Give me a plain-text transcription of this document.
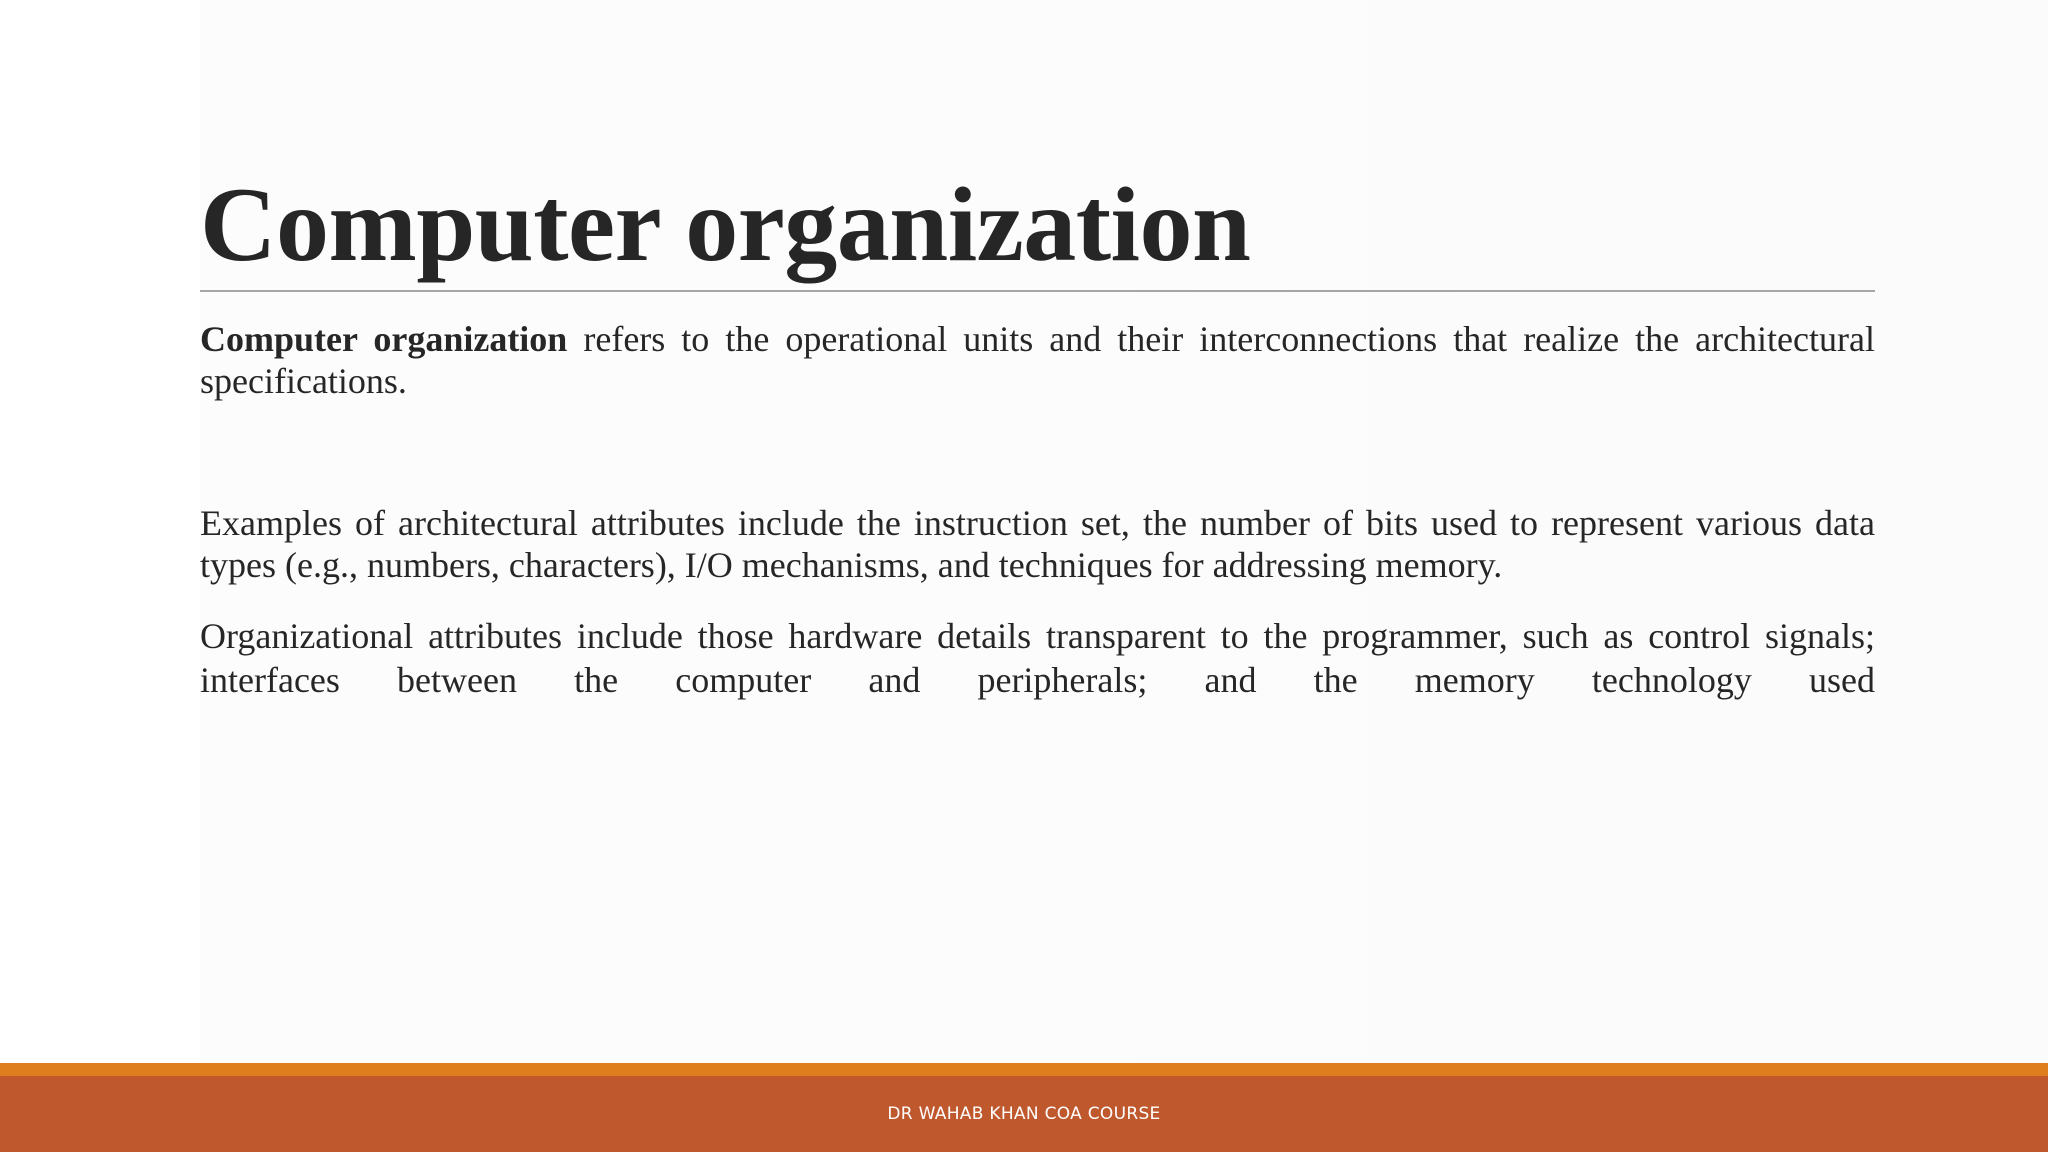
Computer organization

Computer organization refers to the operational units and their interconnections that realize the architectural specifications.

Examples of architectural attributes include the instruction set, the number of bits used to represent various data types (e.g., numbers, characters), I/O mechanisms, and techniques for addressing memory.

Organizational attributes include those hardware details transparent to the programmer, such as control signals; interfaces between the computer and peripherals; and the memory technology used

DR WAHAB KHAN COA COURSE
